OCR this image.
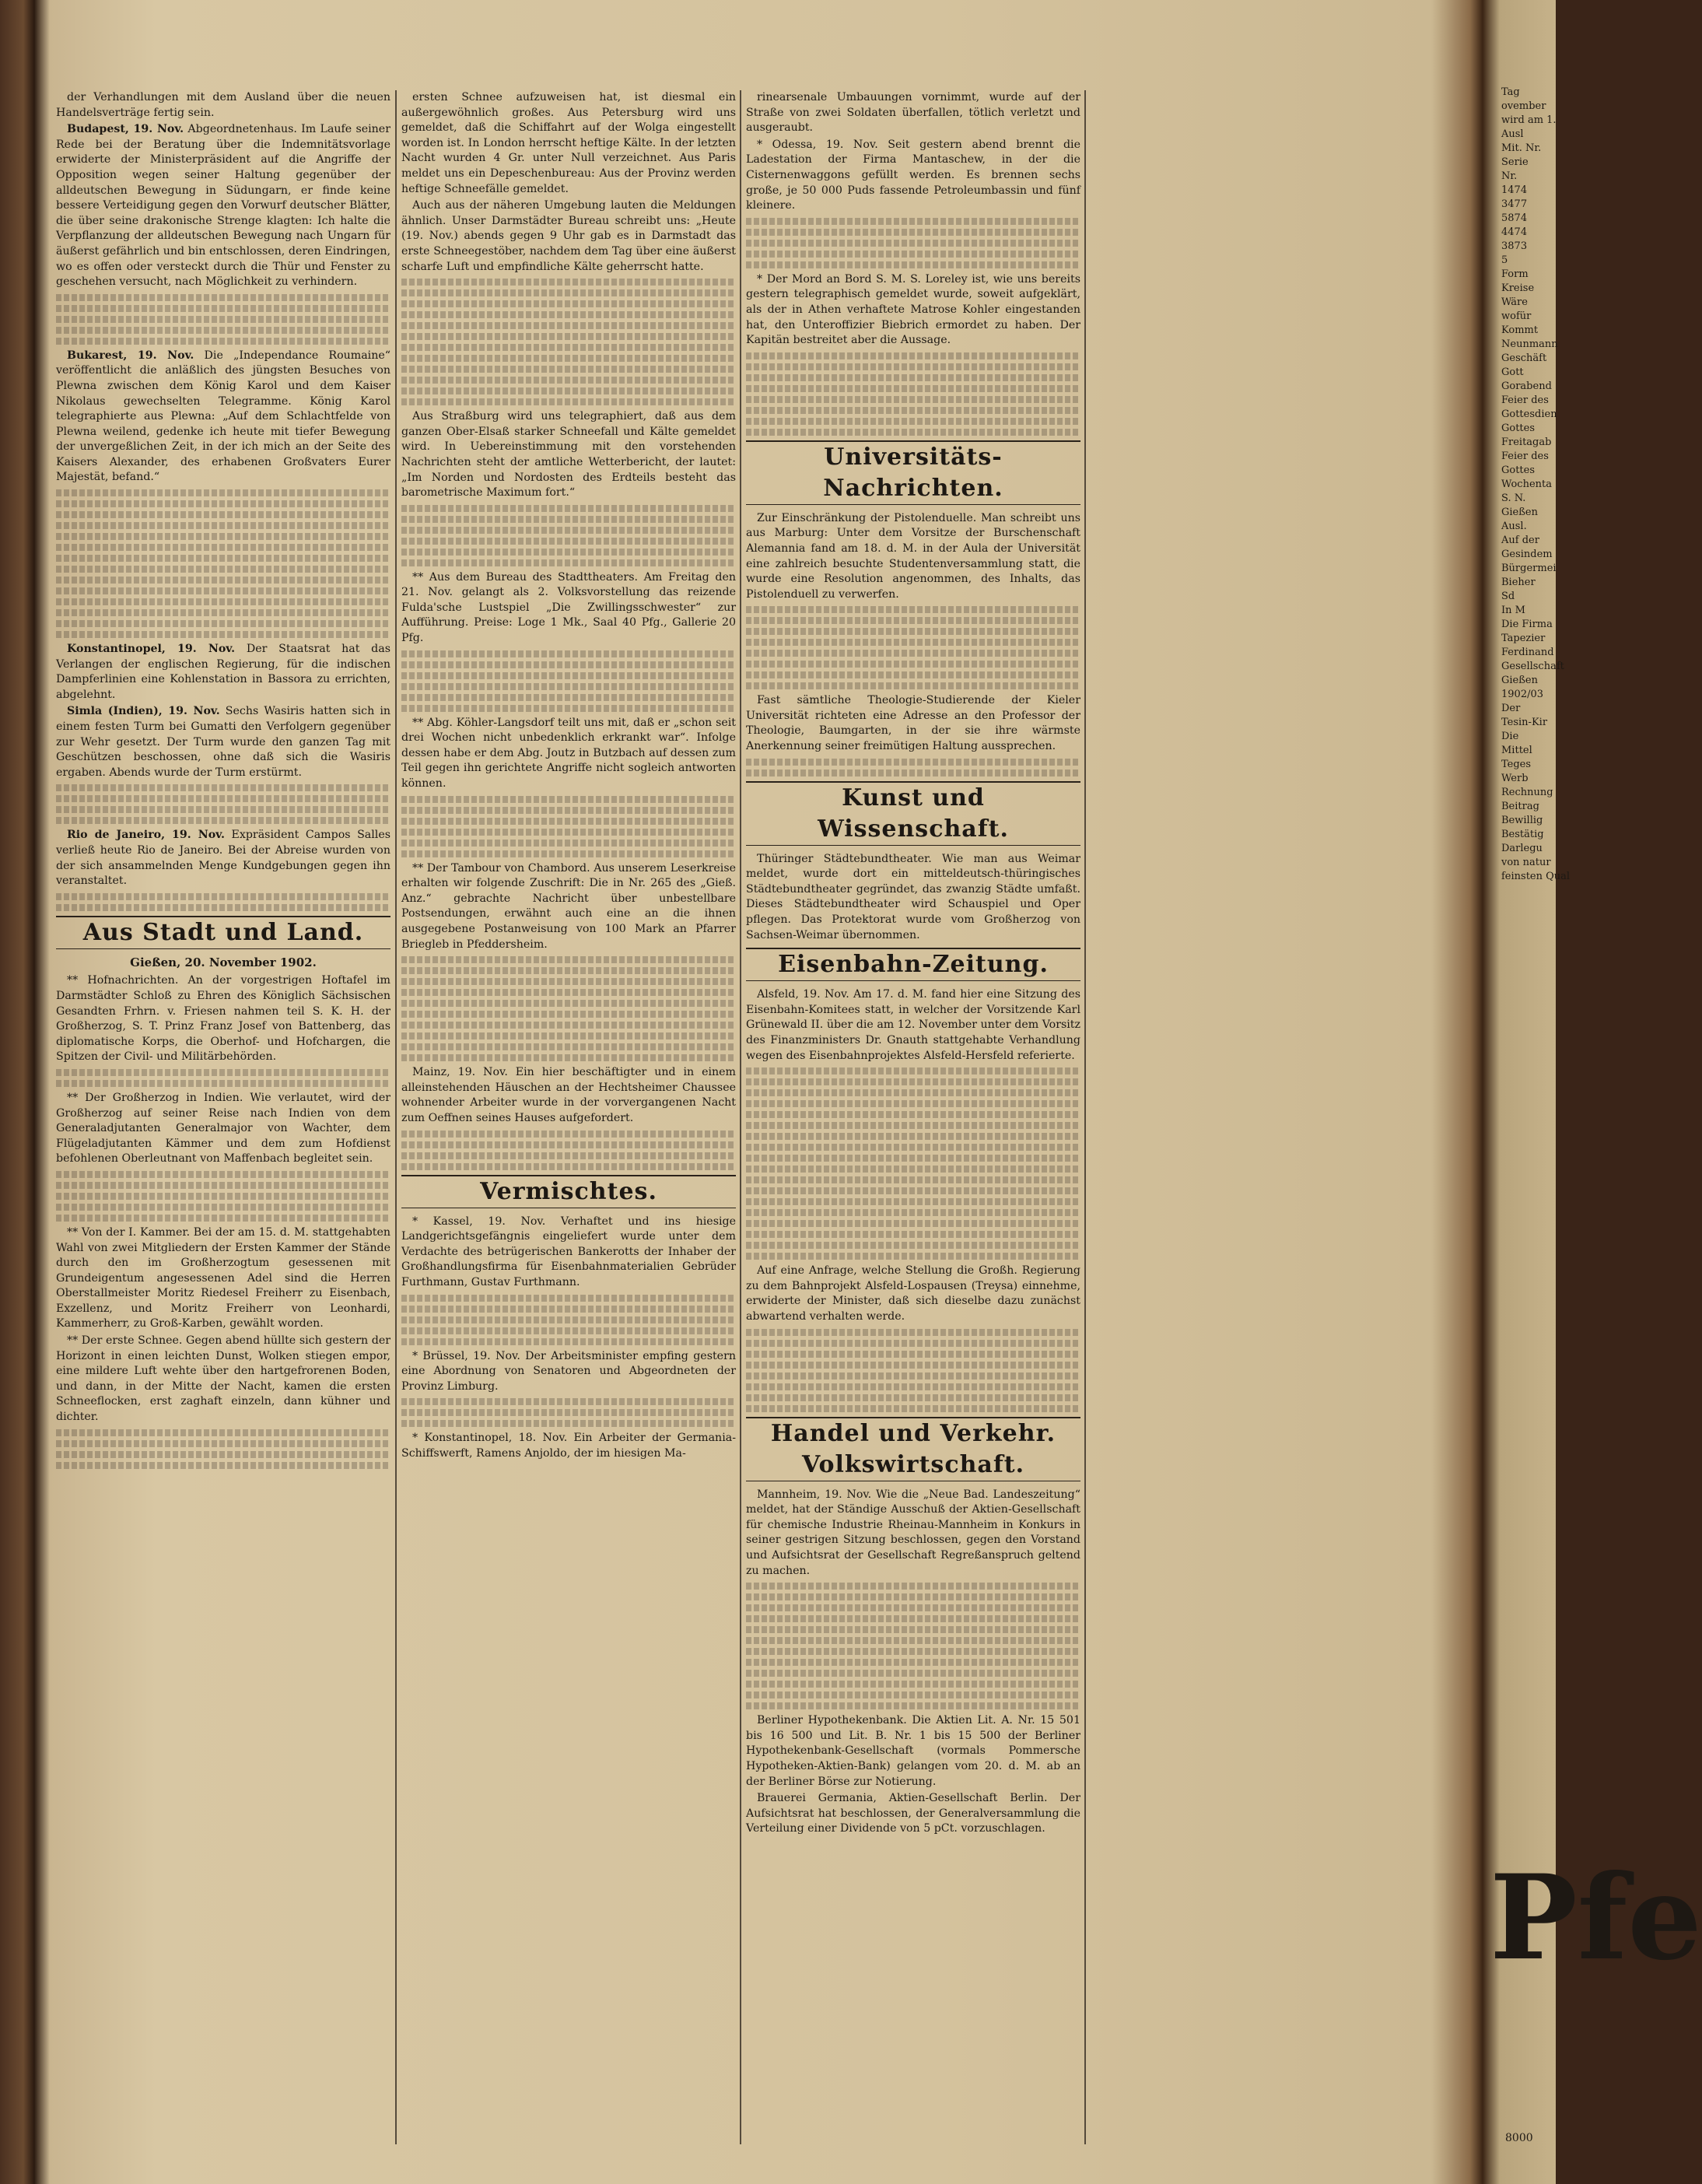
der Verhandlungen mit dem Ausland über die neuen Handelsverträge fertig sein.

Budapest, 19. Nov. Abgeordnetenhaus. Im Laufe seiner Rede bei der Beratung über die Indemnitätsvorlage erwiderte der Ministerpräsident auf die Angriffe der Opposition wegen seiner Haltung gegenüber der alldeutschen Bewegung in Südungarn, er finde keine bessere Verteidigung gegen den Vorwurf deutscher Blätter, die über seine drakonische Strenge klagten: Ich halte die Verpflanzung der alldeutschen Bewegung nach Ungarn für äußerst gefährlich und bin entschlossen, deren Eindringen, wo es offen oder versteckt durch die Thür und Fenster zu geschehen versucht, nach Möglichkeit zu verhindern.

Bukarest, 19. Nov. Die „Independance Roumaine“ veröffentlicht die anläßlich des jüngsten Besuches von Plewna zwischen dem König Karol und dem Kaiser Nikolaus gewechselten Telegramme. König Karol telegraphierte aus Plewna: „Auf dem Schlachtfelde von Plewna weilend, gedenke ich heute mit tiefer Bewegung der unvergeßlichen Zeit, in der ich mich an der Seite des Kaisers Alexander, des erhabenen Großvaters Eurer Majestät, befand.“

Konstantinopel, 19. Nov. Der Staatsrat hat das Verlangen der englischen Regierung, für die indischen Dampferlinien eine Kohlenstation in Bassora zu errichten, abgelehnt.

Simla (Indien), 19. Nov. Sechs Wasiris hatten sich in einem festen Turm bei Gumatti den Verfolgern gegenüber zur Wehr gesetzt. Der Turm wurde den ganzen Tag mit Geschützen beschossen, ohne daß sich die Wasiris ergaben. Abends wurde der Turm erstürmt.

Rio de Janeiro, 19. Nov. Expräsident Campos Salles verließ heute Rio de Janeiro. Bei der Abreise wurden von der sich ansammelnden Menge Kundgebungen gegen ihn veranstaltet.

Aus Stadt und Land.
Gießen, 20. November 1902.

** Hofnachrichten. An der vorgestrigen Hoftafel im Darmstädter Schloß zu Ehren des Königlich Sächsischen Gesandten Frhrn. v. Friesen nahmen teil S. K. H. der Großherzog, S. T. Prinz Franz Josef von Battenberg, das diplomatische Korps, die Oberhof- und Hofchargen, die Spitzen der Civil- und Militärbehörden.

** Der Großherzog in Indien. Wie verlautet, wird der Großherzog auf seiner Reise nach Indien von dem Generaladjutanten Generalmajor von Wachter, dem Flügeladjutanten Kämmer und dem zum Hofdienst befohlenen Oberleutnant von Maffenbach begleitet sein.

** Von der I. Kammer. Bei der am 15. d. M. stattgehabten Wahl von zwei Mitgliedern der Ersten Kammer der Stände durch den im Großherzogtum gesessenen mit Grundeigentum angesessenen Adel sind die Herren Oberstallmeister Moritz Riedesel Freiherr zu Eisenbach, Exzellenz, und Moritz Freiherr von Leonhardi, Kammerherr, zu Groß-Karben, gewählt worden.

** Der erste Schnee. Gegen abend hüllte sich gestern der Horizont in einen leichten Dunst, Wolken stiegen empor, eine mildere Luft wehte über den hartgefrorenen Boden, und dann, in der Mitte der Nacht, kamen die ersten Schneeflocken, erst zaghaft einzeln, dann kühner und dichter.

ersten Schnee aufzuweisen hat, ist diesmal ein außergewöhnlich großes. Aus Petersburg wird uns gemeldet, daß die Schiffahrt auf der Wolga eingestellt worden ist. In London herrscht heftige Kälte. In der letzten Nacht wurden 4 Gr. unter Null verzeichnet. Aus Paris meldet uns ein Depeschenbureau: Aus der Provinz werden heftige Schneefälle gemeldet.

Auch aus der näheren Umgebung lauten die Meldungen ähnlich. Unser Darmstädter Bureau schreibt uns: „Heute (19. Nov.) abends gegen 9 Uhr gab es in Darmstadt das erste Schneegestöber, nachdem dem Tag über eine äußerst scharfe Luft und empfindliche Kälte geherrscht hatte.

Aus Straßburg wird uns telegraphiert, daß aus dem ganzen Ober-Elsaß starker Schneefall und Kälte gemeldet wird. In Uebereinstimmung mit den vorstehenden Nachrichten steht der amtliche Wetterbericht, der lautet: „Im Norden und Nordosten des Erdteils besteht das barometrische Maximum fort.“

** Aus dem Bureau des Stadttheaters. Am Freitag den 21. Nov. gelangt als 2. Volksvorstellung das reizende Fulda'sche Lustspiel „Die Zwillingsschwester“ zur Aufführung. Preise: Loge 1 Mk., Saal 40 Pfg., Gallerie 20 Pfg.

** Abg. Köhler-Langsdorf teilt uns mit, daß er „schon seit drei Wochen nicht unbedenklich erkrankt war“. Infolge dessen habe er dem Abg. Joutz in Butzbach auf dessen zum Teil gegen ihn gerichtete Angriffe nicht sogleich antworten können.

** Der Tambour von Chambord. Aus unserem Leserkreise erhalten wir folgende Zuschrift: Die in Nr. 265 des „Gieß. Anz.“ gebrachte Nachricht über unbestellbare Postsendungen, erwähnt auch eine an die ihnen ausgegebene Postanweisung von 100 Mark an Pfarrer Briegleb in Pfeddersheim.

Mainz, 19. Nov. Ein hier beschäftigter und in einem alleinstehenden Häuschen an der Hechtsheimer Chaussee wohnender Arbeiter wurde in der vorvergangenen Nacht zum Oeffnen seines Hauses aufgefordert.

Vermischtes.

* Kassel, 19. Nov. Verhaftet und ins hiesige Landgerichtsgefängnis eingeliefert wurde unter dem Verdachte des betrügerischen Bankerotts der Inhaber der Großhandlungsfirma für Eisenbahnmaterialien Gebrüder Furthmann, Gustav Furthmann.

* Brüssel, 19. Nov. Der Arbeitsminister empfing gestern eine Abordnung von Senatoren und Abgeordneten der Provinz Limburg.

* Konstantinopel, 18. Nov. Ein Arbeiter der Germania-Schiffswerft, Ramens Anjoldo, der im hiesigen Ma-

rinearsenale Umbauungen vornimmt, wurde auf der Straße von zwei Soldaten überfallen, tötlich verletzt und ausgeraubt.

* Odessa, 19. Nov. Seit gestern abend brennt die Ladestation der Firma Mantaschew, in der die Cisternenwaggons gefüllt werden. Es brennen sechs große, je 50 000 Puds fassende Petroleumbassin und fünf kleinere.

* Der Mord an Bord S. M. S. Loreley ist, wie uns bereits gestern telegraphisch gemeldet wurde, soweit aufgeklärt, als der in Athen verhaftete Matrose Kohler eingestanden hat, den Unteroffizier Biebrich ermordet zu haben. Der Kapitän bestreitet aber die Aussage.

Universitäts-Nachrichten.

Zur Einschränkung der Pistolenduelle. Man schreibt uns aus Marburg: Unter dem Vorsitze der Burschenschaft Alemannia fand am 18. d. M. in der Aula der Universität eine zahlreich besuchte Studentenversammlung statt, die wurde eine Resolution angenommen, des Inhalts, das Pistolenduell zu verwerfen.

Fast sämtliche Theologie-Studierende der Kieler Universität richteten eine Adresse an den Professor der Theologie, Baumgarten, in der sie ihre wärmste Anerkennung seiner freimütigen Haltung aussprechen.

Kunst und Wissenschaft.

Thüringer Städtebundtheater. Wie man aus Weimar meldet, wurde dort ein mitteldeutsch-thüringisches Städtebundtheater gegründet, das zwanzig Städte umfaßt. Dieses Städtebundtheater wird Schauspiel und Oper pflegen. Das Protektorat wurde vom Großherzog von Sachsen-Weimar übernommen.

Eisenbahn-Zeitung.

Alsfeld, 19. Nov. Am 17. d. M. fand hier eine Sitzung des Eisenbahn-Komitees statt, in welcher der Vorsitzende Karl Grünewald II. über die am 12. November unter dem Vorsitz des Finanzministers Dr. Gnauth stattgehabte Verhandlung wegen des Eisenbahnprojektes Alsfeld-Hersfeld referierte.

Auf eine Anfrage, welche Stellung die Großh. Regierung zu dem Bahnprojekt Alsfeld-Lospausen (Treysa) einnehme, erwiderte der Minister, daß sich dieselbe dazu zunächst abwartend verhalten werde.

Handel und Verkehr. Volkswirtschaft.

Mannheim, 19. Nov. Wie die „Neue Bad. Landeszeitung“ meldet, hat der Ständige Ausschuß der Aktien-Gesellschaft für chemische Industrie Rheinau-Mannheim in Konkurs in seiner gestrigen Sitzung beschlossen, gegen den Vorstand und Aufsichtsrat der Gesellschaft Regreßanspruch geltend zu machen.

Berliner Hypothekenbank. Die Aktien Lit. A. Nr. 15 501 bis 16 500 und Lit. B. Nr. 1 bis 15 500 der Berliner Hypothekenbank-Gesellschaft (vormals Pommersche Hypotheken-Aktien-Bank) gelangen vom 20. d. M. ab an der Berliner Börse zur Notierung.

Brauerei Germania, Aktien-Gesellschaft Berlin. Der Aufsichtsrat hat beschlossen, der Generalversammlung die Verteilung einer Dividende von 5 pCt. vorzuschlagen.

Tag
ovember
wird am 1.
Ausl
Mit. Nr.
Serie
Nr.
1474
3477
5874
4474
3873
5
Form
Kreise
Wäre
wofür
Kommt
Neunmann
Geschäft
Gott
Gorabend
Feier des
Gottesdien
Gottes
Freitagab
Feier des
Gottes
Wochenta
S. N.
Gießen
Ausl.
Auf der
Gesindem
Bürgermei
Bieher
Sd
In M
Die Firma
Tapezier
Ferdinand
Gesellschaft
Gießen
1902/03
Der
Tesin-Kir
Die
Mittel
Teges
Werb
Rechnung
Beitrag
Bewillig
Bestätig
Darlegu
von natur
feinsten Qual
Pfe
8000
